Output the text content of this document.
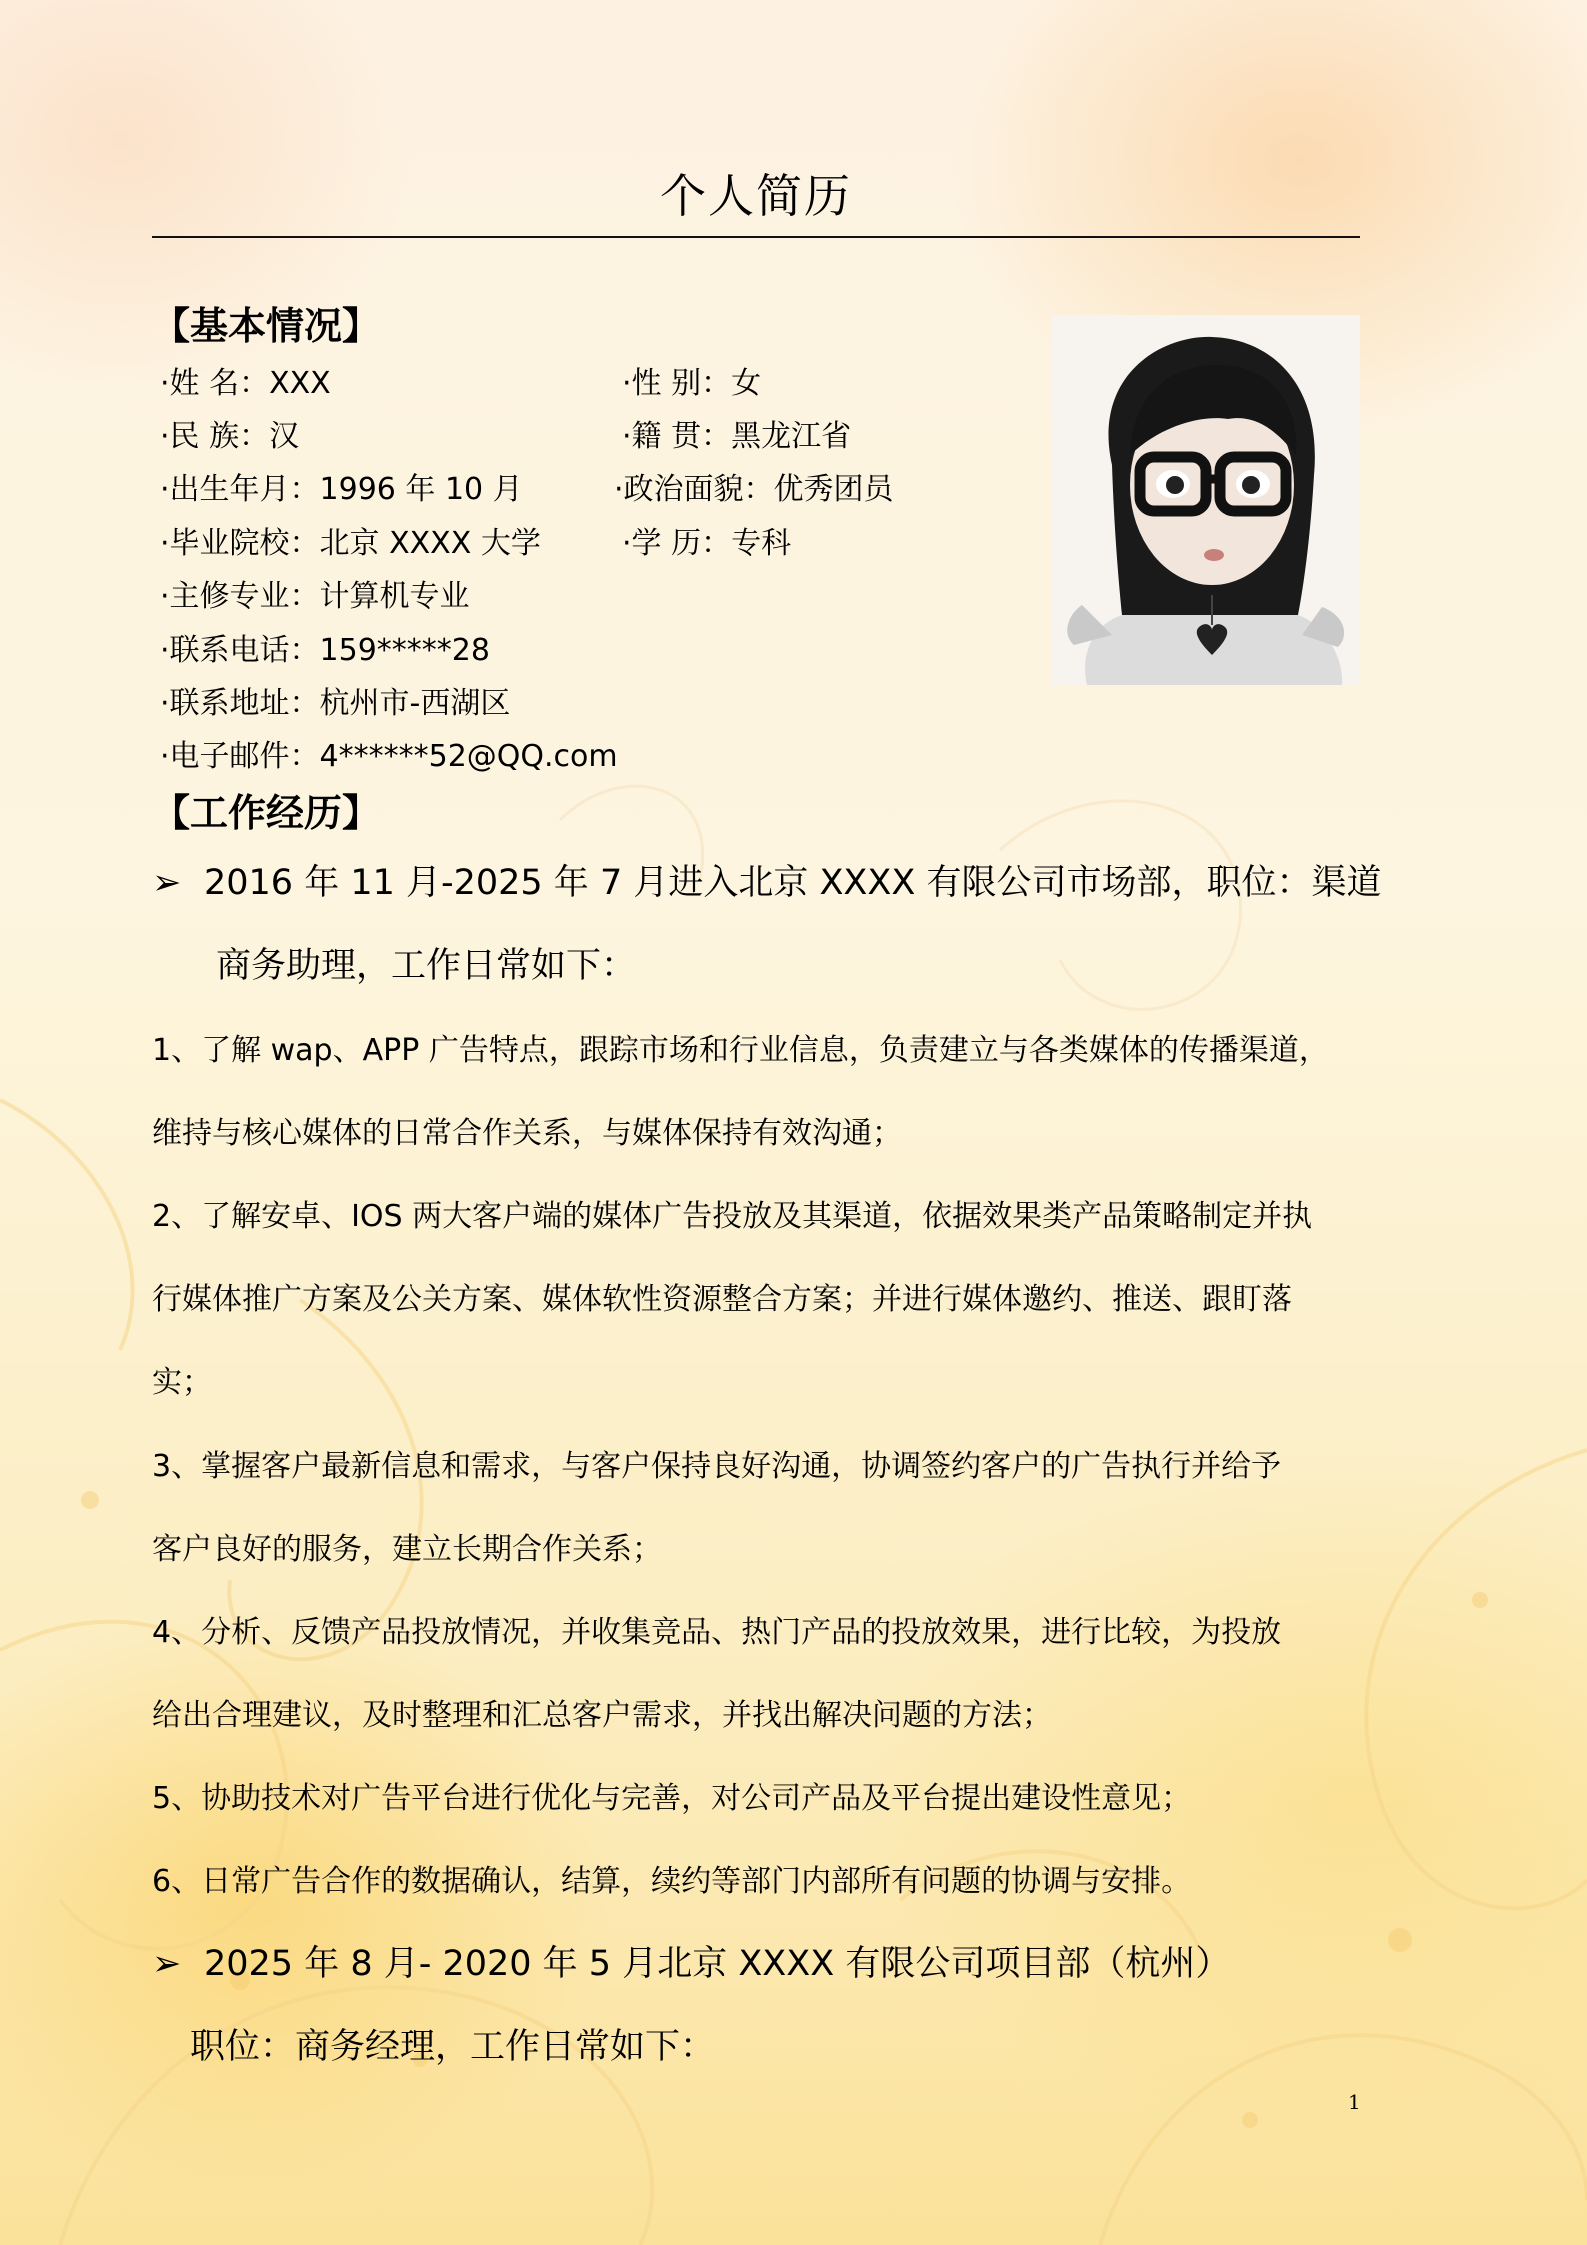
个人简历
【基本情况】
·姓 名：XXX	·性 别：女
·民 族：汉	·籍 贯：黑龙江省
·出生年月：1996 年 10 月	·政治面貌：优秀团员
·毕业院校：北京 XXXX 大学	·学 历：专科
·主修专业：计算机专业
·联系电话：159*****28
·联系地址：杭州市-西湖区
·电子邮件：4******52@QQ.com
【工作经历】
➢ 2016 年 11 月-2025 年 7 月进入北京 XXXX 有限公司市场部，职位：渠道
商务助理，工作日常如下：
1、了解 wap、APP 广告特点，跟踪市场和行业信息，负责建立与各类媒体的传播渠道，
维持与核心媒体的日常合作关系，与媒体保持有效沟通；
2、了解安卓、IOS 两大客户端的媒体广告投放及其渠道，依据效果类产品策略制定并执
行媒体推广方案及公关方案、媒体软性资源整合方案；并进行媒体邀约、推送、跟盯落
实；
3、掌握客户最新信息和需求，与客户保持良好沟通，协调签约客户的广告执行并给予
客户良好的服务，建立长期合作关系；
4、分析、反馈产品投放情况，并收集竞品、热门产品的投放效果，进行比较，为投放
给出合理建议，及时整理和汇总客户需求，并找出解决问题的方法；
5、协助技术对广告平台进行优化与完善，对公司产品及平台提出建设性意见；
6、日常广告合作的数据确认，结算，续约等部门内部所有问题的协调与安排。
➢ 2025 年 8 月- 2020 年 5 月北京 XXXX 有限公司项目部（杭州）
职位：商务经理，工作日常如下：
1
